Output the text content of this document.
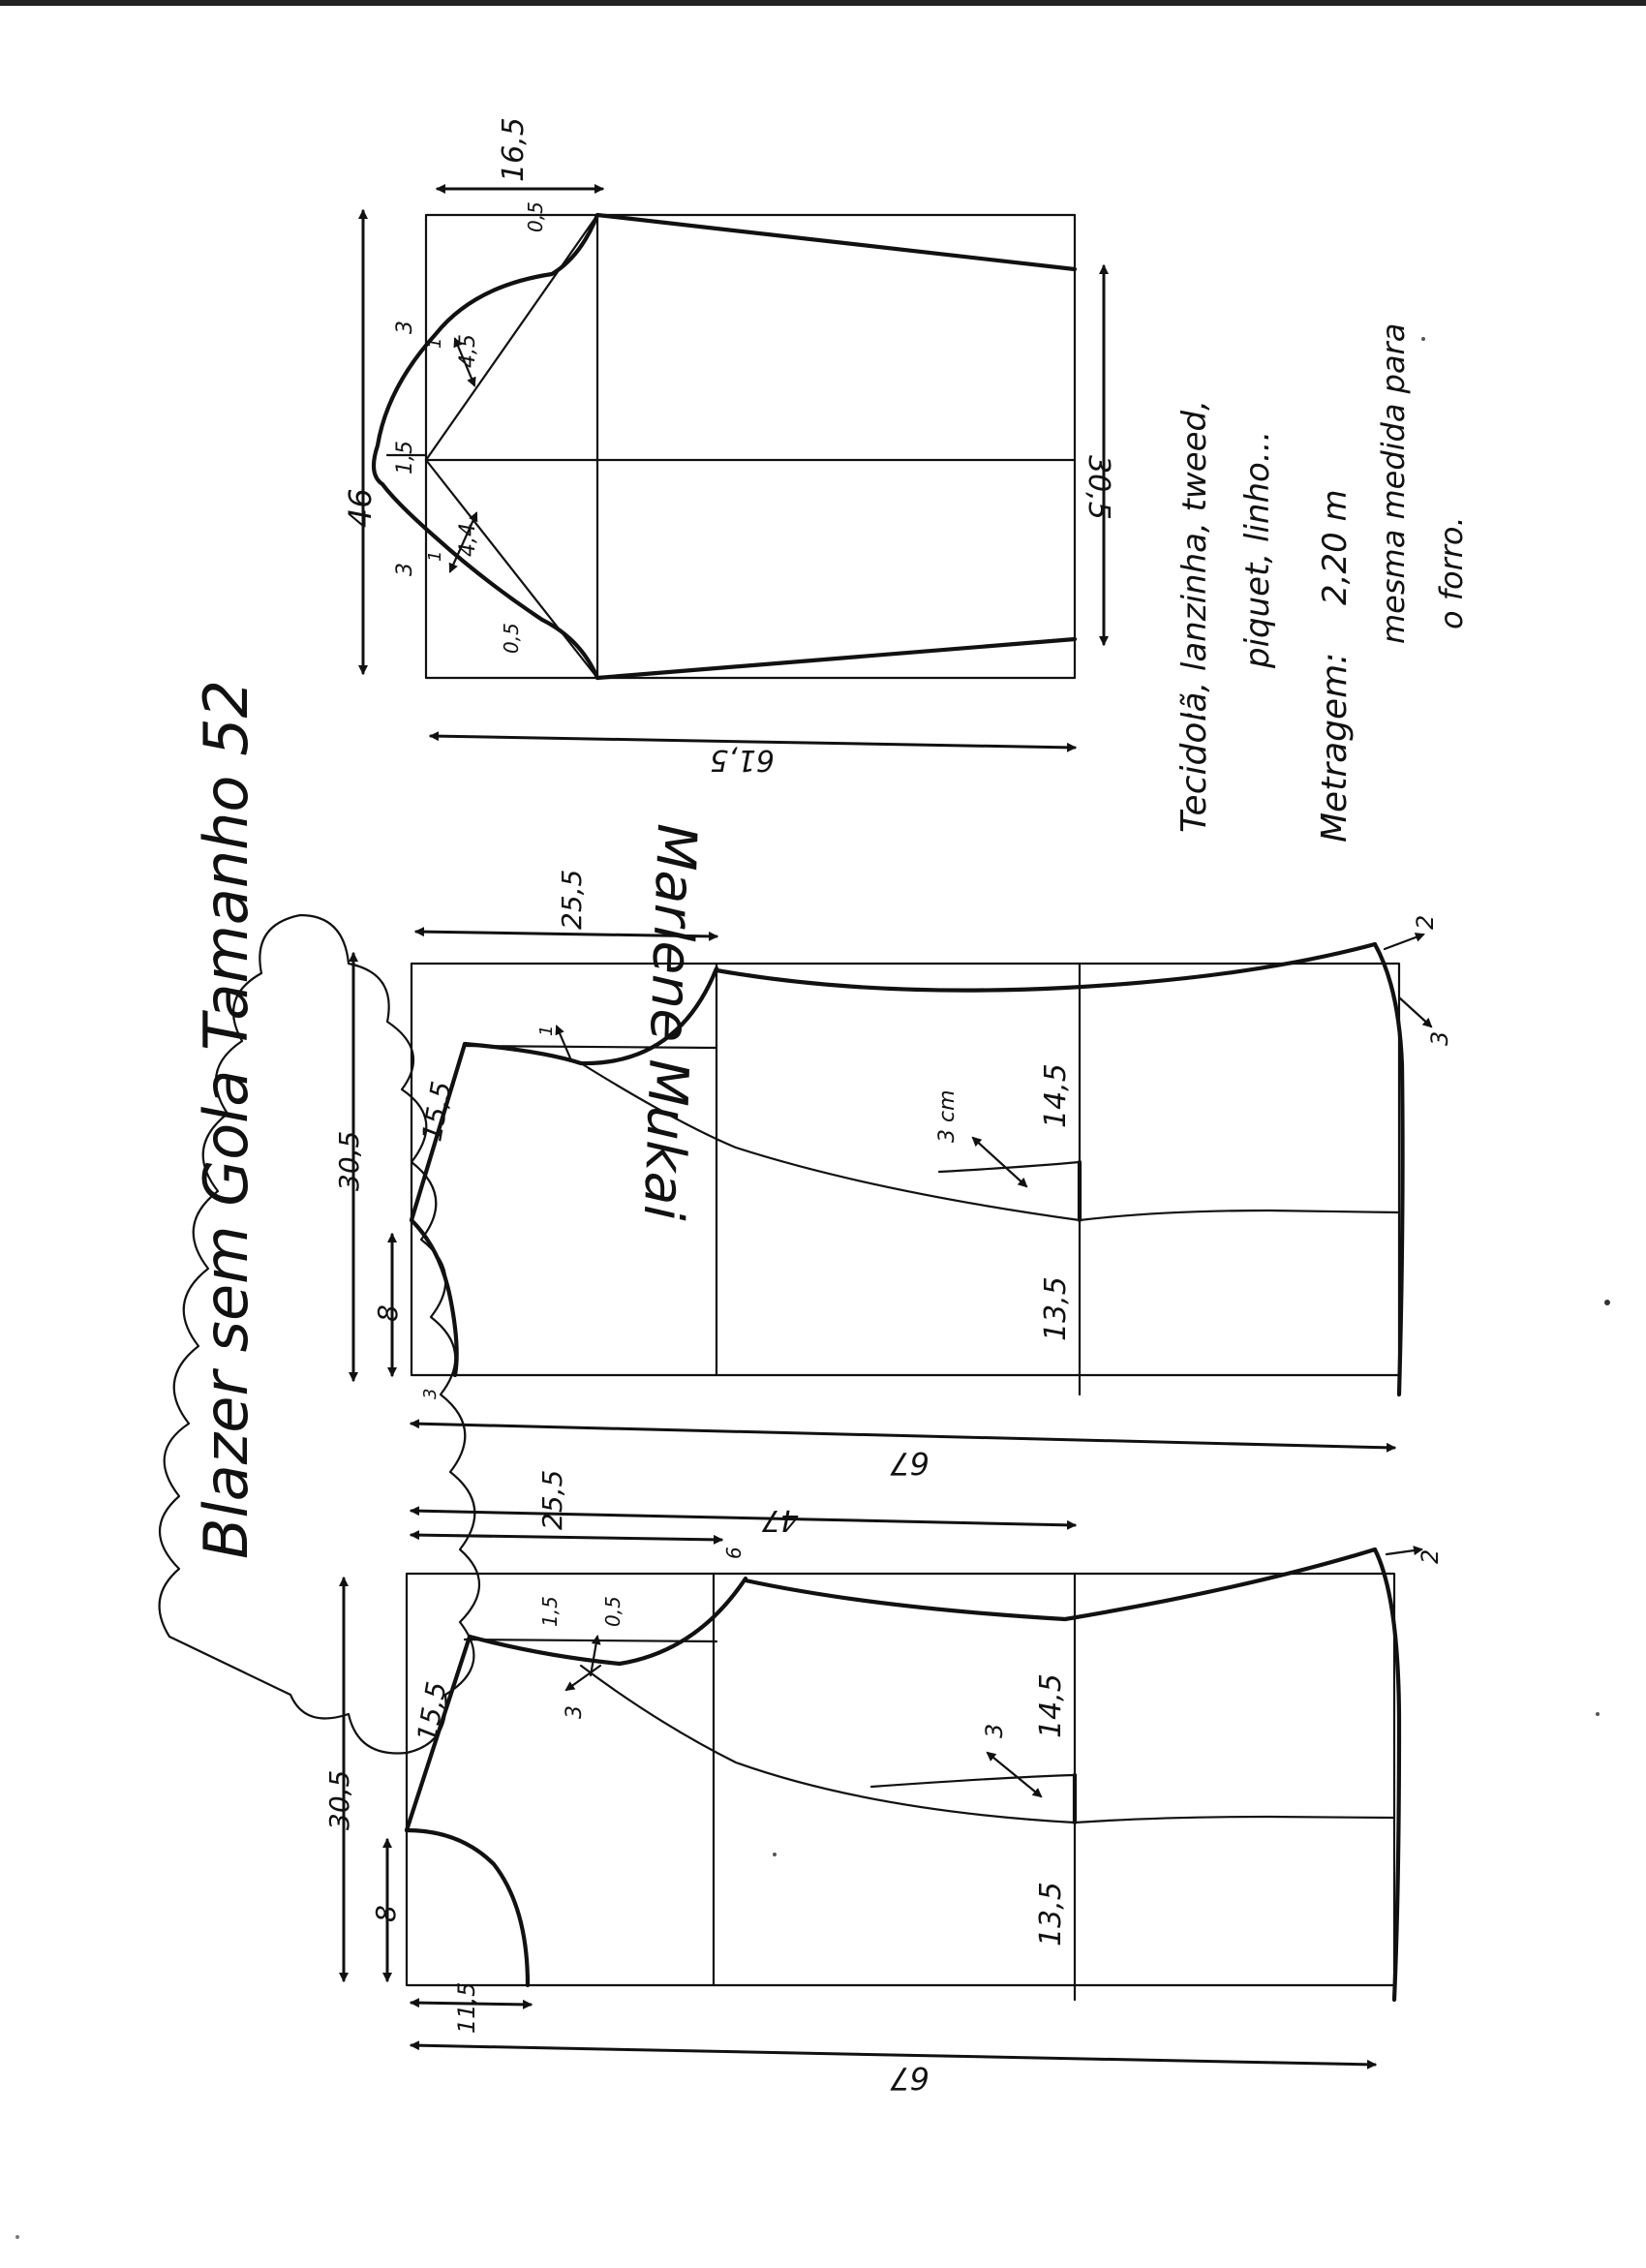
Blazer sem Gola Tamanho 52	Marlene Mukai
16,5
46
61,5
30,5
0,5
3
1 4,5
1,5
3
1 4,4
0,5
25,5
30,5
15,5
8
3
1
3 cm	14,5
13,5
2
3
67
25,5	47
30,5
15,5
8
11,5
1,5 0,5
3
6
3 14,5
13,5
2
67
Tecido:
lã, lanzinha, tweed, piquet, linho...
Metragem:
2,20 m mesma medida para o forro.
